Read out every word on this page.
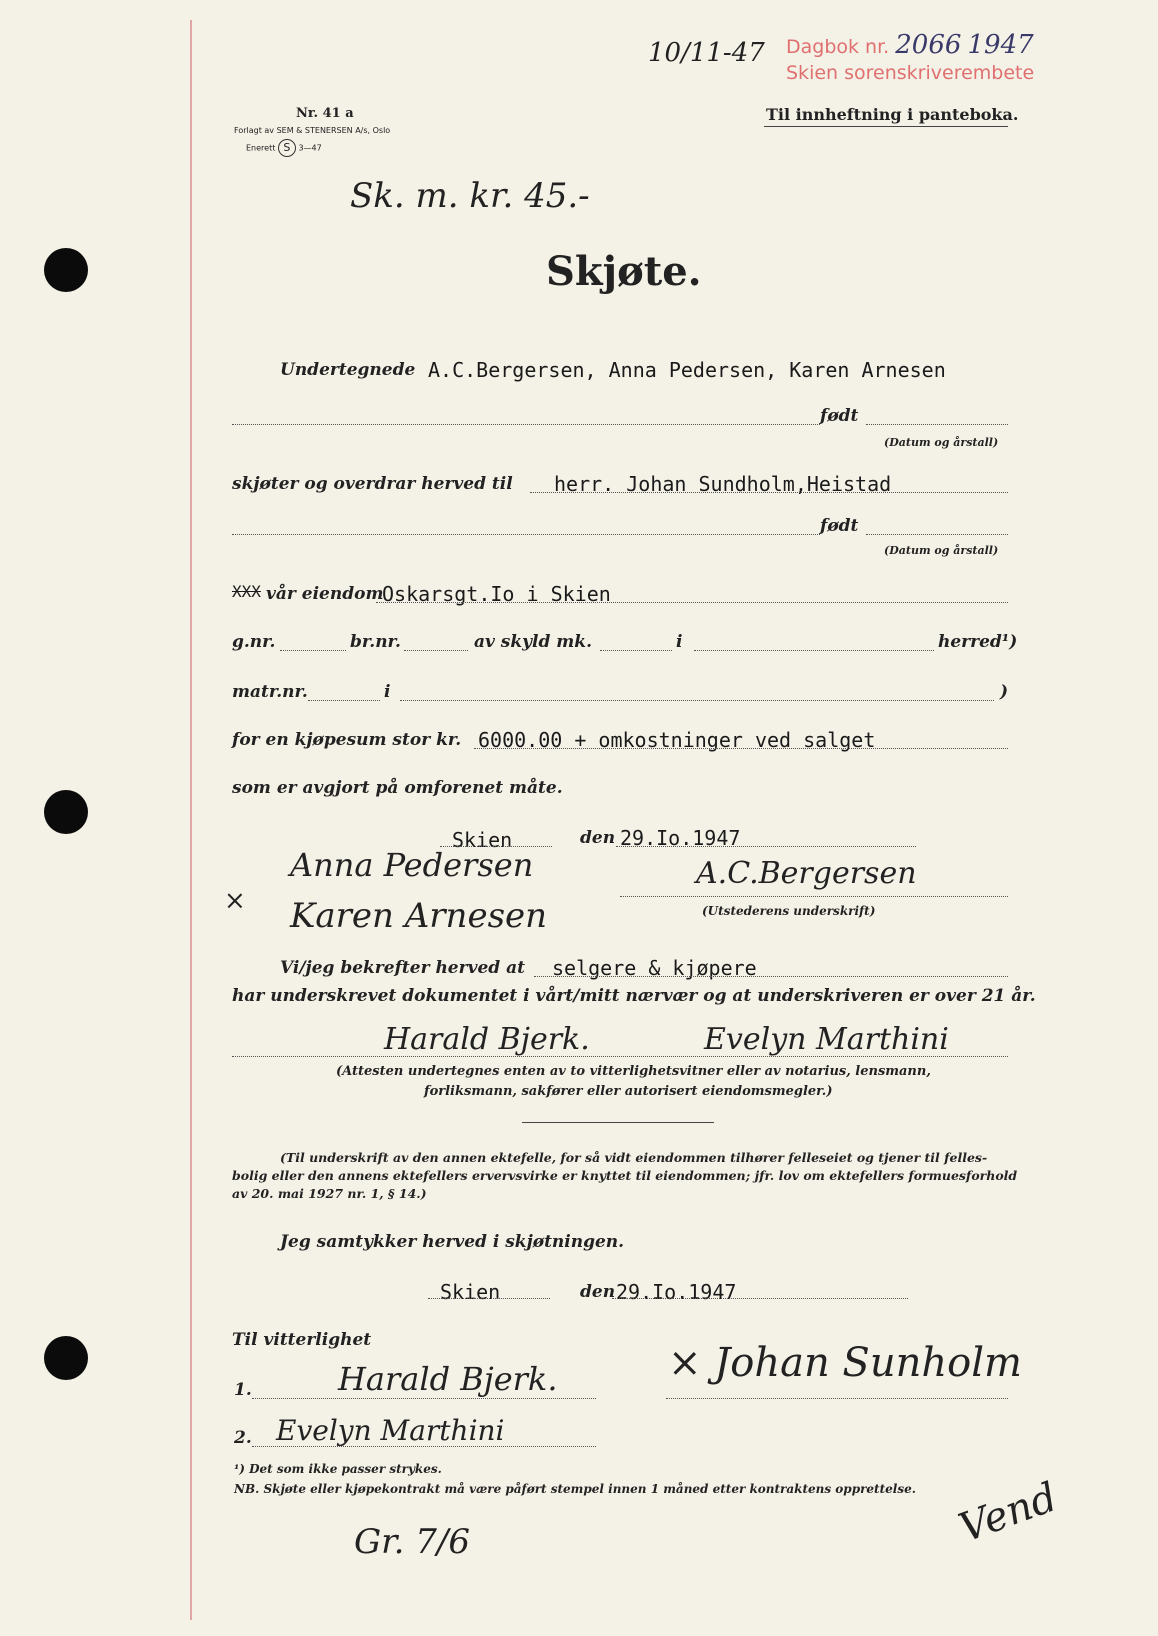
Dagbok nr. 2066 1947
Skien sorenskriverembete
10/11-47
Nr. 41 a
Forlagt av SEM & STENERSEN A/s, Oslo
Enerett S 3—47
Til innheftning i panteboka.
Sk. m. kr. 45.-
Skjøte.
Undertegnede A.C.Bergersen, Anna Pedersen, Karen Arnesen
født
(Datum og årstall)
skjøter og overdrar herved til herr. Johan Sundholm,Heistad
født
(Datum og årstall)
XXX vår eiendom
Oskarsgt.Io i Skien
g.nr.	br.nr.	av skyld mk.	i	herred¹)
matr.nr.	i	)
for en kjøpesum stor kr. 6000.00 + omkostninger ved salget
som er avgjort på omforenet måte.
Skien	den 29.Io.1947
Anna Pedersen	A.C.Bergersen
× Karen Arnesen	(Utstederens underskrift)
Vi/jeg bekrefter herved at selgere & kjøpere
har underskrevet dokumentet i vårt/mitt nærvær og at underskriveren er over 21 år.
Harald Bjerk.	Evelyn Marthini
(Attesten undertegnes enten av to vitterlighetsvitner eller av notarius, lensmann,
forliksmann, sakfører eller autorisert eiendomsmegler.)
(Til underskrift av den annen ektefelle, for så vidt eiendommen tilhører felleseiet og tjener til felles-
bolig eller den annens ektefellers ervervsvirke er knyttet til eiendommen; jfr. lov om ektefellers formuesforhold
av 20. mai 1927 nr. 1, § 14.)
Jeg samtykker herved i skjøtningen.
Skien	den 29.Io.1947
Til vitterlighet
1.	Harald Bjerk.	× Johan Sunholm
2. Evelyn Marthini
¹) Det som ikke passer strykes.
NB. Skjøte eller kjøpekontrakt må være påført stempel innen 1 måned etter kontraktens opprettelse.
Gr. 7/6	Vend
